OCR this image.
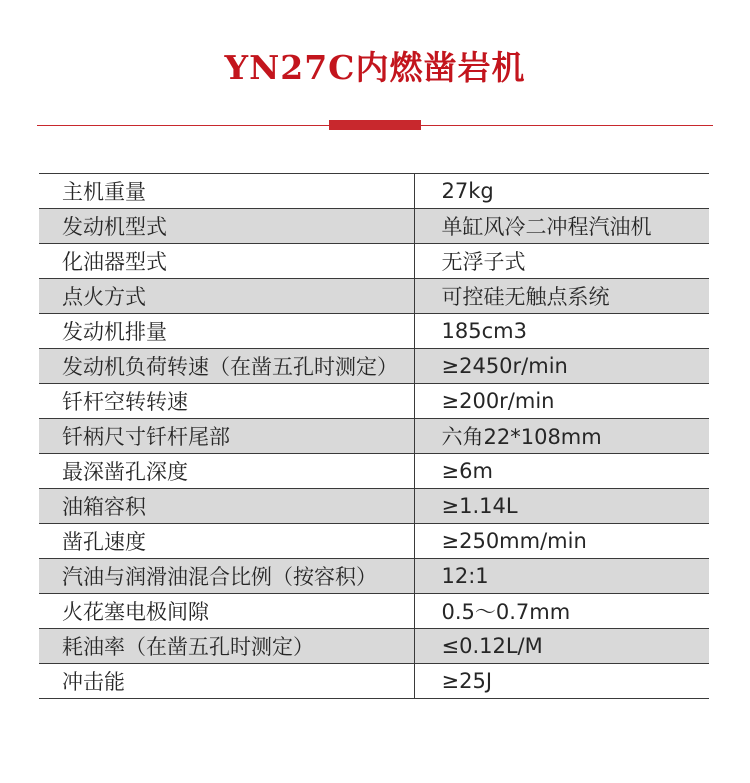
YN27C内燃凿岩机
主机重量	27kg
发动机型式	单缸风冷二冲程汽油机
化油器型式	无浮子式
点火方式	可控硅无触点系统
发动机排量	185cm3
发动机负荷转速（在凿五孔时测定）	≥2450r/min
钎杆空转转速	≥200r/min
钎柄尺寸钎杆尾部	六角22*108mm
最深凿孔深度	≥6m
油箱容积	≥1.14L
凿孔速度	≥250mm/min
汽油与润滑油混合比例（按容积）	12:1
火花塞电极间隙	0.5～0.7mm
耗油率（在凿五孔时测定）	≤0.12L/M
冲击能	≥25J
